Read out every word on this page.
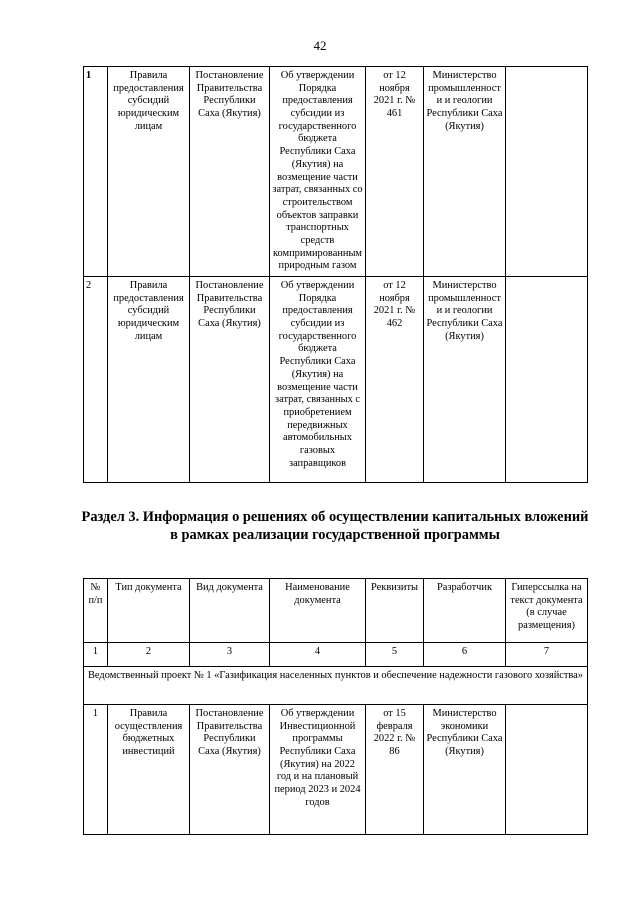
42
1	Правила предоставления субсидий юридическим лицам	Постановление Правительства Республики Саха (Якутия)	Об утверждении Порядка предоставления субсидии из государственного бюджета Республики Саха (Якутия) на возмещение части затрат, связанных со строительством объектов заправки транспортных средств компримированным природным газом	от 12 ноября 2021 г. № 461	Министерство промышленности и геологии Республики Саха (Якутия)	
2	Правила предоставления субсидий юридическим лицам	Постановление Правительства Республики Саха (Якутия)	Об утверждении Порядка предоставления субсидии из государственного бюджета Республики Саха (Якутия) на возмещение части затрат, связанных с приобретением передвижных автомобильных газовых заправщиков	от 12 ноября 2021 г. № 462	Министерство промышленности и геологии Республики Саха (Якутия)	
Раздел 3. Информация о решениях об осуществлении капитальных вложений в рамках реализации государственной программы
№ п/п	Тип документа	Вид документа	Наименование документа	Реквизиты	Разработчик	Гиперссылка на текст документа (в случае размещения)
1	2	3	4	5	6	7
Ведомственный проект № 1 «Газификация населенных пунктов и обеспечение надежности газового хозяйства»						
1	Правила осуществления бюджетных инвестиций	Постановление Правительства Республики Саха (Якутия)	Об утверждении Инвестиционной программы Республики Саха (Якутия) на 2022 год и на плановый период 2023 и 2024 годов	от 15 февраля 2022 г. № 86	Министерство экономики Республики Саха (Якутия)	
